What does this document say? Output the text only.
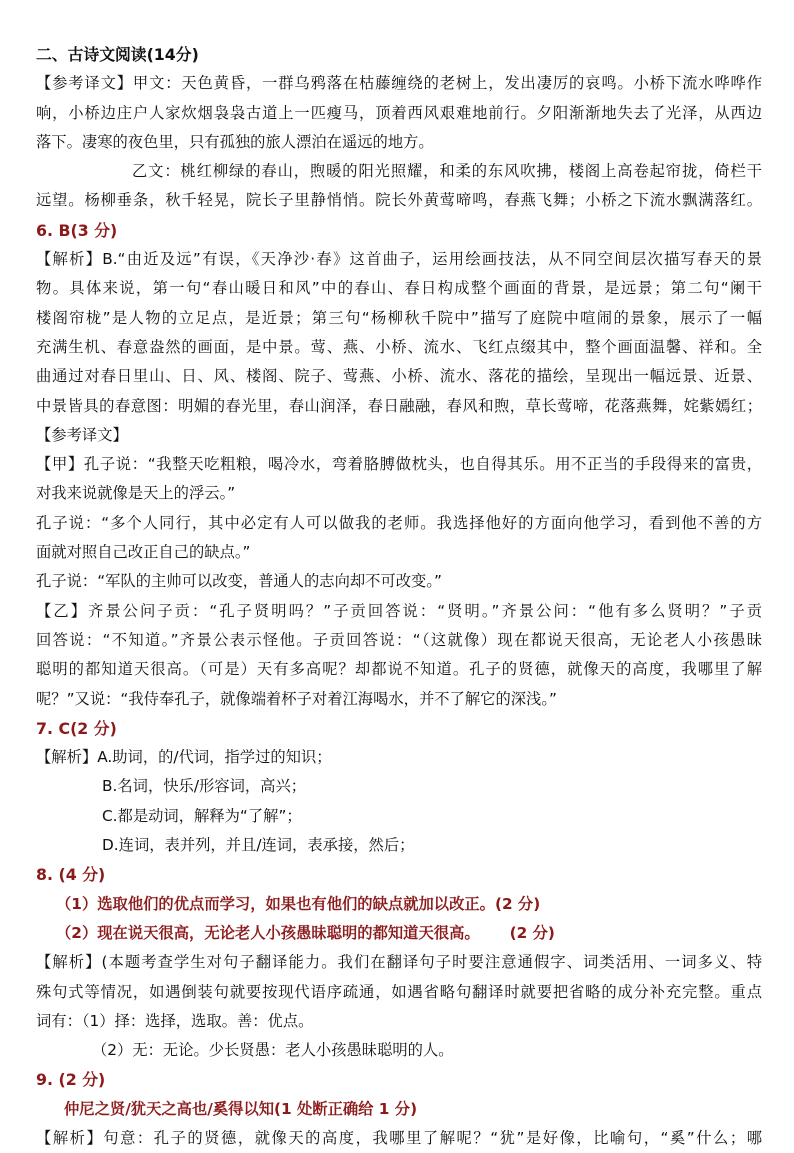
二、古诗文阅读(14分)
【参考译文】甲文：天色黄昏，一群乌鸦落在枯藤缠绕的老树上，发出凄厉的哀鸣。小桥下流水哗哗作
响，小桥边庄户人家炊烟袅袅古道上一匹瘦马，顶着西风艰难地前行。夕阳渐渐地失去了光泽，从西边
落下。凄寒的夜色里，只有孤独的旅人漂泊在遥远的地方。
乙文：桃红柳绿的春山，煦暖的阳光照耀，和柔的东风吹拂，楼阁上高卷起帘拢，倚栏干
远望。杨柳垂条，秋千轻晃，院长子里静悄悄。院长外黄莺啼鸣，春燕飞舞；小桥之下流水飘满落红。
6. B(3 分)
【解析】B.“由近及远”有误，《天净沙·春》这首曲子，运用绘画技法，从不同空间层次描写春天的景
物。具体来说，第一句“春山暖日和风”中的春山、春日构成整个画面的背景，是远景；第二句“阑干
楼阁帘栊”是人物的立足点，是近景；第三句“杨柳秋千院中”描写了庭院中喧闹的景象，展示了一幅
充满生机、春意盎然的画面，是中景。莺、燕、小桥、流水、飞红点缀其中，整个画面温馨、祥和。全
曲通过对春日里山、日、风、楼阁、院子、莺燕、小桥、流水、落花的描绘，呈现出一幅远景、近景、
中景皆具的春意图：明媚的春光里，春山润泽，春日融融，春风和煦，草长莺啼，花落燕舞，姹紫嫣红；
【参考译文】
【甲】孔子说：“我整天吃粗粮，喝冷水，弯着胳膊做枕头，也自得其乐。用不正当的手段得来的富贵，
对我来说就像是天上的浮云。”
孔子说：“多个人同行，其中必定有人可以做我的老师。我选择他好的方面向他学习，看到他不善的方
面就对照自己改正自己的缺点。”
孔子说：“军队的主帅可以改变，普通人的志向却不可改变。”
【乙】齐景公问子贡：“孔子贤明吗？”子贡回答说：“贤明。”齐景公问：“他有多么贤明？”子贡
回答说：“不知道。”齐景公表示怪他。子贡回答说：“（这就像）现在都说天很高，无论老人小孩愚昧
聪明的都知道天很高。（可是）天有多高呢？却都说不知道。孔子的贤德，就像天的高度，我哪里了解
呢？”又说：“我侍奉孔子，就像端着杯子对着江海喝水，并不了解它的深浅。”
7. C(2 分)
【解析】A.助词，的/代词，指学过的知识；
B.名词，快乐/形容词，高兴；
C.都是动词，解释为“了解”；
D.连词，表并列，并且/连词，表承接，然后；
8. (4 分)
（1）选取他们的优点而学习，如果也有他们的缺点就加以改正。(2 分)
（2）现在说天很高，无论老人小孩愚昧聪明的都知道天很高。 (2 分)
【解析】(本题考查学生对句子翻译能力。我们在翻译句子时要注意通假字、词类活用、一词多义、特
殊句式等情况，如遇倒装句就要按现代语序疏通，如遇省略句翻译时就要把省略的成分补充完整。重点
词有：（1）择：选择，选取。善：优点。
（2）无：无论。少长贤愚：老人小孩愚昧聪明的人。
9. (2 分)
仲尼之贤/犹天之高也/奚得以知(1 处断正确给 1 分)
【解析】句意：孔子的贤德，就像天的高度，我哪里了解呢？“犹”是好像，比喻句，“奚”什么；哪
